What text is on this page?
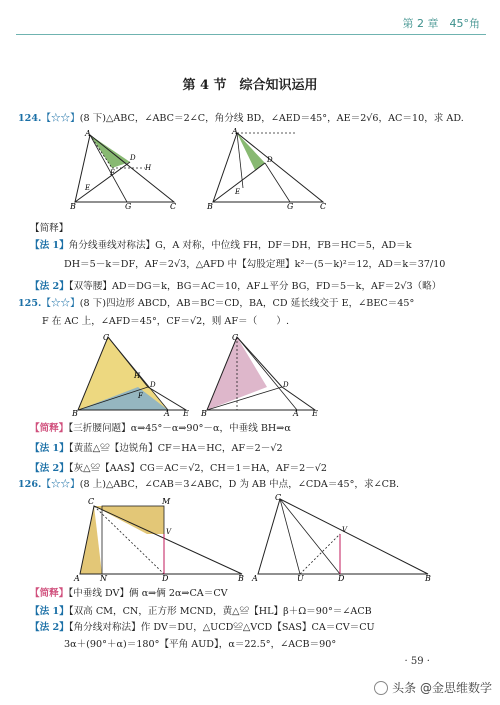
第 2 章　45°角
第 4 节　综合知识运用
124.【☆☆】(8 下)△ABC，∠ABC＝2∠C，角分线 BD，∠AED＝45°，AE＝2√6，AC＝10，求 AD.
A
B	C
D
G
F
H
E
A
B	C
D
G
E
【简释】
【法 1】角分线垂线对称法】G，A 对称，中位线 FH，DF＝DH，FB＝HC＝5，AD＝k
DH＝5－k＝DF，AF＝2√3，△AFD 中【勾股定理】k²－(5－k)²＝12，AD＝k＝37/10
【法 2】【双等腰】AD＝DG＝k，BG＝AC＝10，AF⊥平分 BG，FD＝5－k，AF＝2√3（略）
125.【☆☆】(8 下)四边形 ABCD，AB＝BC＝CD，BA，CD 延长线交于 E，∠BEC＝45°
F 在 AC 上，∠AFD＝45°，CF＝√2，则 AF＝（　　）.
C
B	A E
D
F
H
C
B	A E
D
【简释】【三折腰问题】α⇒45°－α⇒90°－α，中垂线 BH⇒α
【法 1】【黄蓝△≌【边锐角】CF＝HA＝HC，AF＝2－√2
【法 2】【灰△≌【AAS】CG＝AC＝√2，CH＝1＝HA，AF＝2－√2
126.【☆☆】(8 上)△ABC，∠CAB＝3∠ABC，D 为 AB 中点，∠CDA＝45°，求∠CB.
C	M
A	N	D	B
V
C
A	U	D	B
V
【简释】【中垂线 DV】俩 α⇒俩 2α⇒CA＝CV
【法 1】【双高 CM，CN，正方形 MCND，黄△≌【HL】β＋Ω＝90°＝∠ACB
【法 2】【角分线对称法】作 DV＝DU，△UCD≌△VCD【SAS】CA＝CV＝CU
3α＋(90°＋α)＝180°【平角 AUD】，α＝22.5°，∠ACB＝90°
· 59 ·
头条 @金思维数学
